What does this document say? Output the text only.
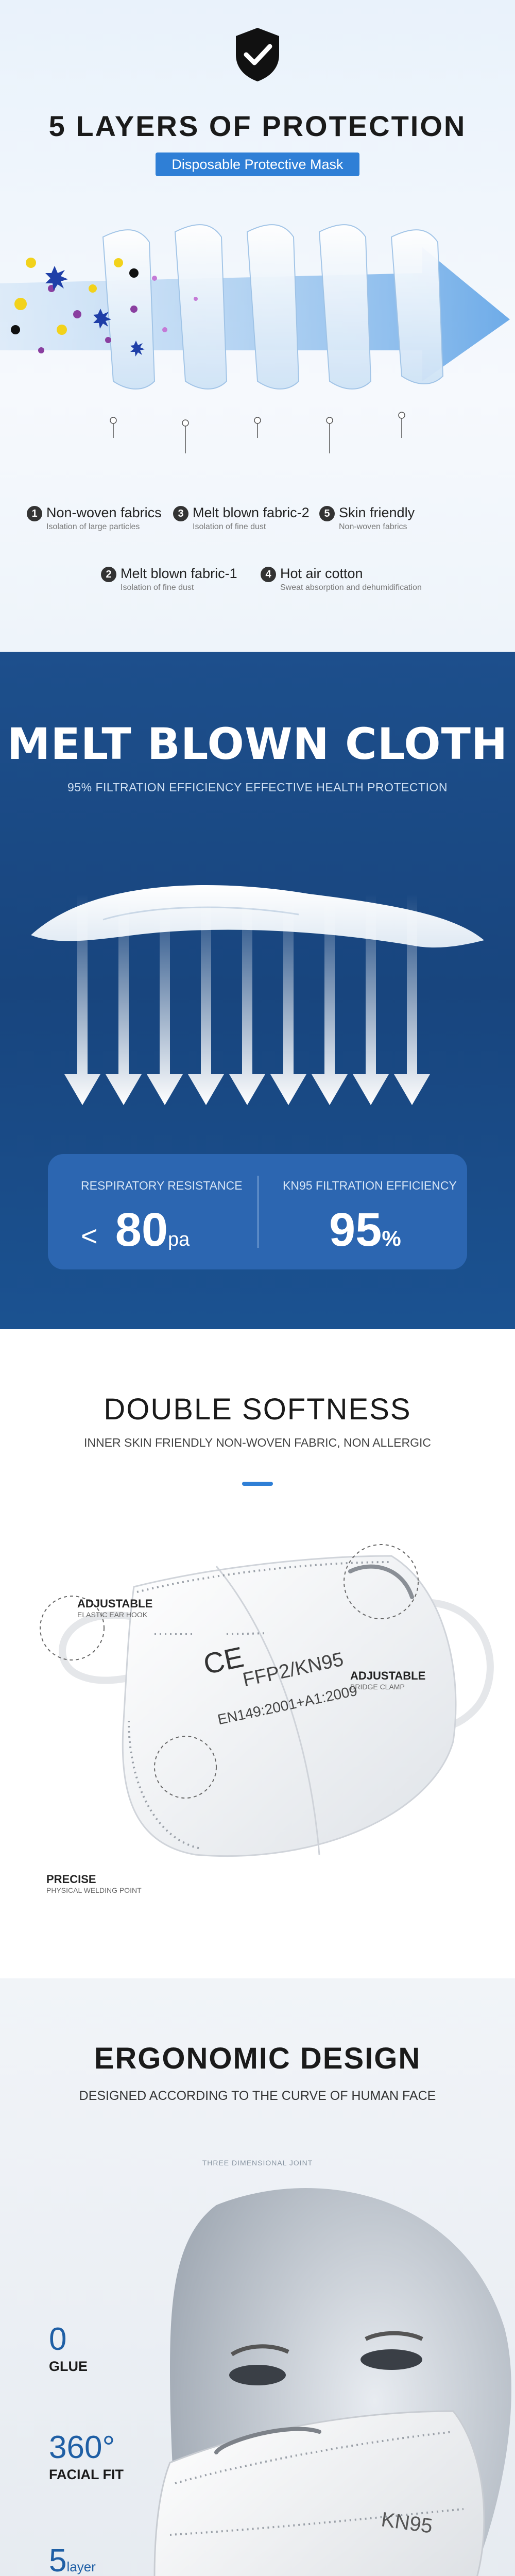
5 LAYERS OF PROTECTION
Disposable Protective Mask
1 Non-woven fabrics
Isolation of large particles
3 Melt blown fabric-2
Isolation of fine dust
5 Skin friendly
Non-woven fabrics
2 Melt blown fabric-1
Isolation of fine dust
4 Hot air cotton
Sweat absorption and dehumidification
MELT BLOWN CLOTH
95% FILTRATION EFFICIENCY EFFECTIVE HEALTH PROTECTION
RESPIRATORY RESISTANCE
< 80pa
KN95 FILTRATION EFFICIENCY
95%
DOUBLE SOFTNESS
INNER SKIN FRIENDLY NON-WOVEN FABRIC, NON ALLERGIC
CE
FFP2/KN95
EN149:2001+A1:2009
ADJUSTABLE
ELASTIC EAR HOOK
ADJUSTABLE
BRIDGE CLAMP
PRECISE
PHYSICAL WELDING POINT
ERGONOMIC DESIGN
DESIGNED ACCORDING TO THE CURVE OF HUMAN FACE
THREE DIMENSIONAL JOINT
KN95
0
GLUE
360°
FACIAL FIT
5layer
